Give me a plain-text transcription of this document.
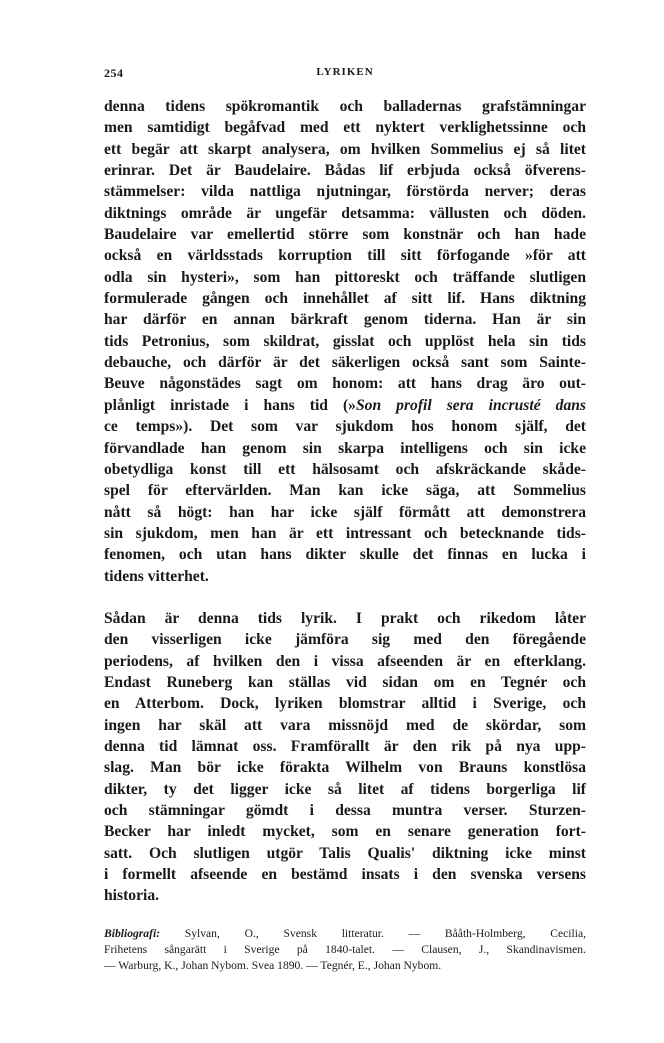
254	LYRIKEN

denna tidens spökromantik och balladernas grafstämningar
men samtidigt begåfvad med ett nyktert verklighetssinne och
ett begär att skarpt analysera, om hvilken Sommelius ej så litet
erinrar. Det är Baudelaire. Bådas lif erbjuda också öfverens-
stämmelser: vilda nattliga njutningar, förstörda nerver; deras
diktnings område är ungefär detsamma: vällusten och döden.
Baudelaire var emellertid större som konstnär och han hade
också en världsstads korruption till sitt förfogande »för att
odla sin hysteri», som han pittoreskt och träffande slutligen
formulerade gången och innehållet af sitt lif. Hans diktning
har därför en annan bärkraft genom tiderna. Han är sin
tids Petronius, som skildrat, gisslat och upplöst hela sin tids
debauche, och därför är det säkerligen också sant som Sainte-
Beuve någonstädes sagt om honom: att hans drag äro out-
plånligt inristade i hans tid (»Son profil sera incrusté dans
ce temps»). Det som var sjukdom hos honom själf, det
förvandlade han genom sin skarpa intelligens och sin icke
obetydliga konst till ett hälsosamt och afskräckande skåde-
spel för eftervärlden. Man kan icke säga, att Sommelius
nått så högt: han har icke själf förmått att demonstrera
sin sjukdom, men han är ett intressant och betecknande tids-
fenomen, och utan hans dikter skulle det finnas en lucka i
tidens vitterhet.

Sådan är denna tids lyrik. I prakt och rikedom låter
den visserligen icke jämföra sig med den föregående
periodens, af hvilken den i vissa afseenden är en efterklang.
Endast Runeberg kan ställas vid sidan om en Tegnér och
en Atterbom. Dock, lyriken blomstrar alltid i Sverige, och
ingen har skäl att vara missnöjd med de skördar, som
denna tid lämnat oss. Framförallt är den rik på nya upp-
slag. Man bör icke förakta Wilhelm von Brauns konstlösa
dikter, ty det ligger icke så litet af tidens borgerliga lif
och stämningar gömdt i dessa muntra verser. Sturzen-
Becker har inledt mycket, som en senare generation fort-
satt. Och slutligen utgör Talis Qualis' diktning icke minst
i formellt afseende en bestämd insats i den svenska versens
historia.

Bibliografi: Sylvan, O., Svensk litteratur. — Bååth-Holmberg, Cecilia,
Frihetens sångarätt i Sverige på 1840-talet. — Clausen, J., Skandinavismen.
— Warburg, K., Johan Nybom. Svea 1890. — Tegnér, E., Johan Nybom.
